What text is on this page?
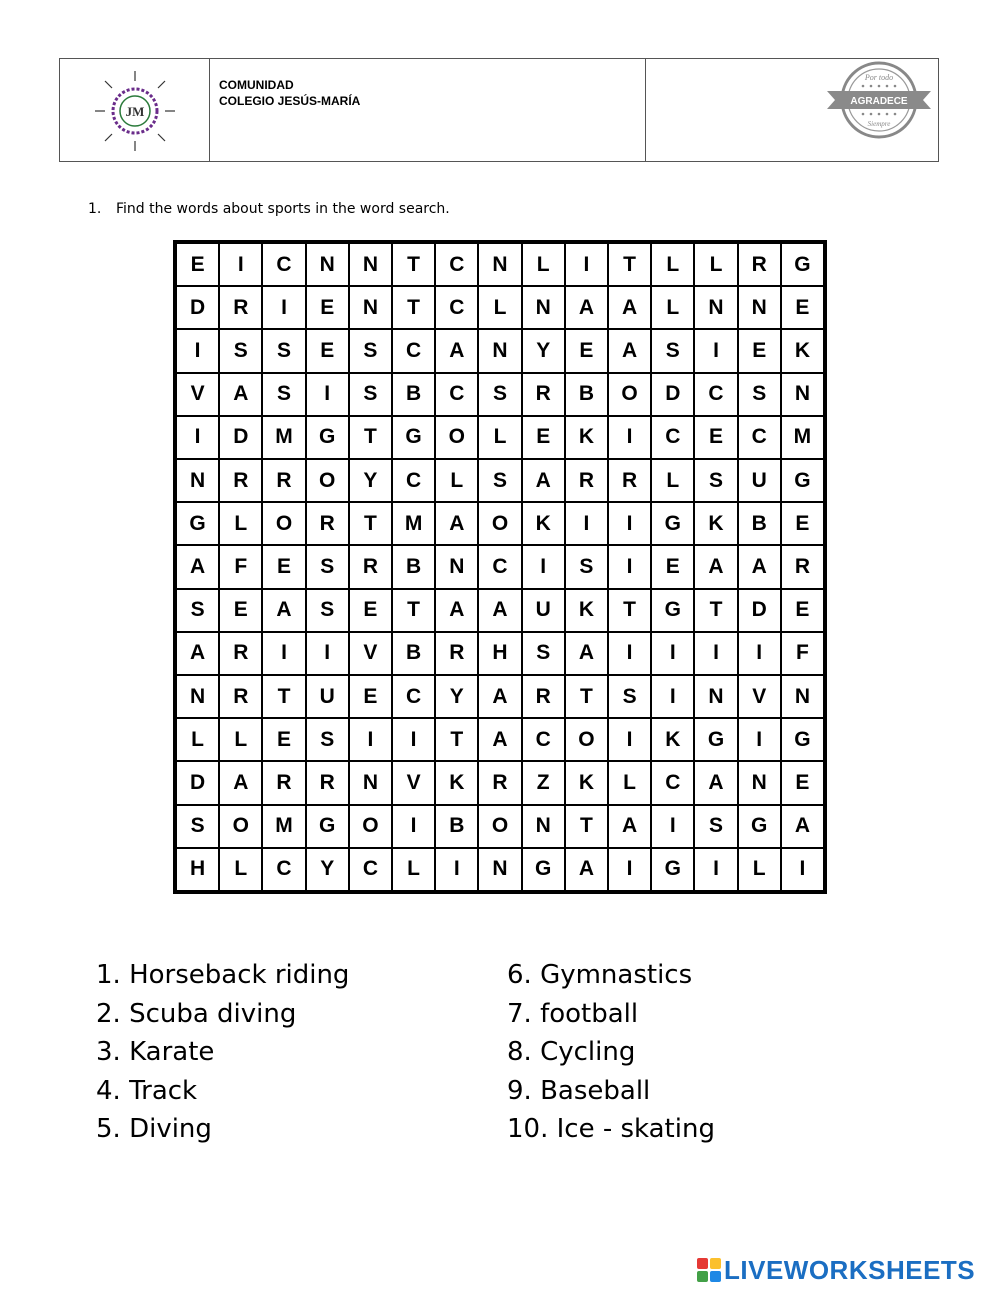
JM
COMUNIDAD
COLEGIO JESÚS-MARÍA	AGRADECE
Por todo
Siempre
1. Find the words about sports in the word search.
E	I	C	N	N	T	C	N	L	I	T	L	L	R	G
D	R	I	E	N	T	C	L	N	A	A	L	N	N	E
I	S	S	E	S	C	A	N	Y	E	A	S	I	E	K
V	A	S	I	S	B	C	S	R	B	O	D	C	S	N
I	D	M	G	T	G	O	L	E	K	I	C	E	C	M
N	R	R	O	Y	C	L	S	A	R	R	L	S	U	G
G	L	O	R	T	M	A	O	K	I	I	G	K	B	E
A	F	E	S	R	B	N	C	I	S	I	E	A	A	R
S	E	A	S	E	T	A	A	U	K	T	G	T	D	E
A	R	I	I	V	B	R	H	S	A	I	I	I	I	F
N	R	T	U	E	C	Y	A	R	T	S	I	N	V	N
L	L	E	S	I	I	T	A	C	O	I	K	G	I	G
D	A	R	R	N	V	K	R	Z	K	L	C	A	N	E
S	O	M	G	O	I	B	O	N	T	A	I	S	G	A
H	L	C	Y	C	L	I	N	G	A	I	G	I	L	I
1. Horseback riding
2. Scuba diving
3. Karate
4. Track
5. Diving
6. Gymnastics
7. football
8. Cycling
9. Baseball
10. Ice - skating
LIVEWORKSHEETS
